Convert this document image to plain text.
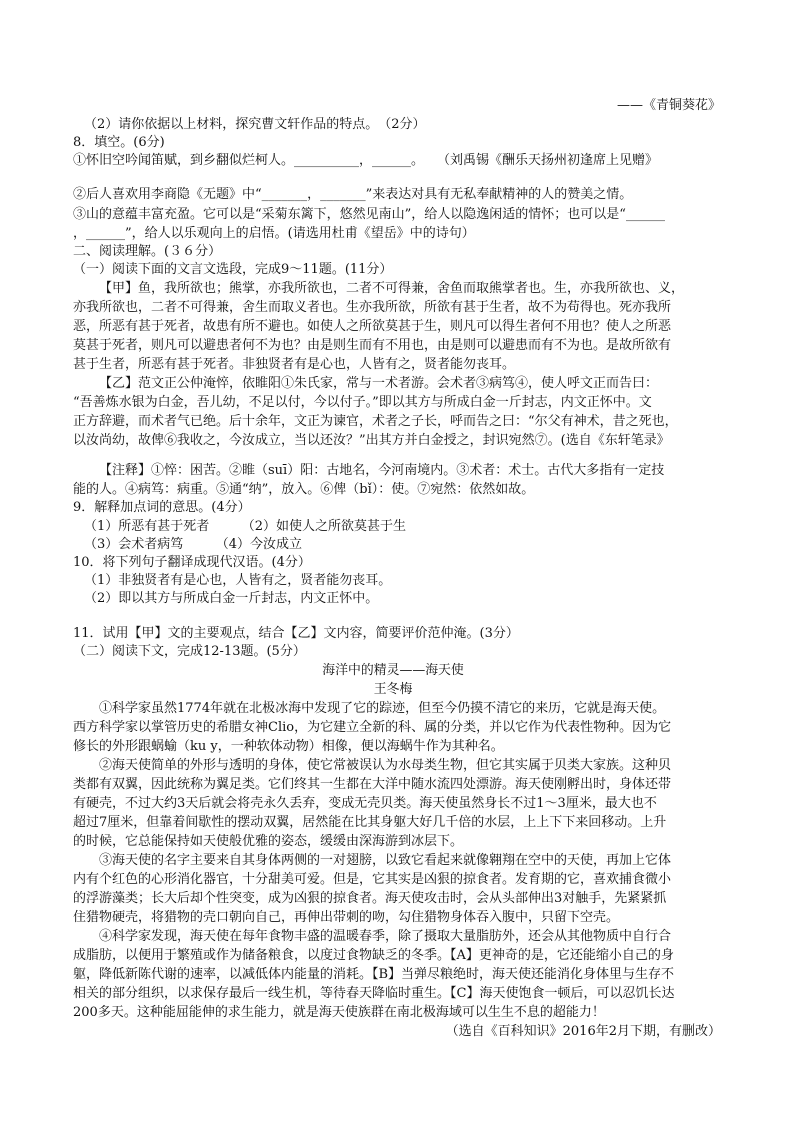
——《青铜葵花》
（2）请你依据以上材料，探究曹文轩作品的特点。　（2分）
8．填空。(6分)
①怀旧空吟闻笛赋，到乡翻似烂柯人。__________，______。　　（刘禹锡《酬乐天扬州初逢席上见赠》
②后人喜欢用李商隐《无题》中“_______，_______”来表达对具有无私奉献精神的人的赞美之情。
③山的意蕴丰富充盈。它可以是“采菊东篱下，悠然见南山”，给人以隐逸闲适的情怀；也可以是“______
，______”，给人以乐观向上的启悟。(请选用杜甫《望岳》中的诗句）
二、阅读理解。(３６分）
（一）阅读下面的文言文选段，完成9～11题。(11分）
【甲】鱼，我所欲也；熊掌，亦我所欲也，二者不可得兼，舍鱼而取熊掌者也。生，亦我所欲也、义，
亦我所欲也，二者不可得兼，舍生而取义者也。生亦我所欲，所欲有甚于生者，故不为苟得也。死亦我所
恶，所恶有甚于死者，故患有所不避也。如使人之所欲莫甚于生，则凡可以得生者何不用也？使人之所恶
莫甚于死者，则凡可以避患者何不为也？由是则生而有不用也，由是则可以避患而有不为也。是故所欲有
甚于生者，所恶有甚于死者。非独贤者有是心也，人皆有之，贤者能勿丧耳。
【乙】范文正公仲淹悴，依睢阳①朱氏家，常与一术者游。会术者③病笃④，使人呼文正而告曰：
“吾善炼水银为白金，吾儿幼，不足以付，今以付子。”即以其方与所成白金一斤封志，内文正怀中。文
正方辞避，而术者气已绝。后十余年，文正为谏官，术者之子长，呼而告之曰：“尔父有神术，昔之死也，
以汝尚幼，故俾⑥我收之，今汝成立，当以还汝？”出其方并白金授之，封识宛然⑦。(选自《东轩笔录》
【注释】①悴：困苦。②睢（suī）阳：古地名，今河南境内。③术者：术士。古代大多指有一定技
能的人。④病笃：病重。⑤通“纳”，放入。⑥俾（bǐ）：使。⑦宛然：依然如故。
9．解释加点词的意思。(4分）
（1）所恶有甚于死者　　　（2）如使人之所欲莫甚于生
（3）会术者病笃　　　（4）今汝成立
10．将下列句子翻译成现代汉语。(4分）
（1）非独贤者有是心也，人皆有之，贤者能勿丧耳。
（2）即以其方与所成白金一斤封志，内文正怀中。
11．试用【甲】文的主要观点，结合【乙】文内容，简要评价范仲淹。(3分）
（二）阅读下文，完成12-13题。(5分）
海洋中的精灵——海天使
王冬梅
①科学家虽然1774年就在北极冰海中发现了它的踪迹，但至今仍摸不清它的来历，它就是海天使。
西方科学家以掌管历史的希腊女神Clio，为它建立全新的科、属的分类，并以它作为代表性物种。因为它
修长的外形跟蜗蝓（ku y，一种软体动物）相像，便以海蜗牛作为其种名。
②海天使简单的外形与透明的身体，使它常被误认为水母类生物，但它其实属于贝类大家族。这种贝
类都有双翼，因此统称为翼足类。它们终其一生都在大洋中随水流四处漂游。海天使刚孵出时，身体还带
有硬壳，不过大约3天后就会将壳永久丢弃，变成无壳贝类。海天使虽然身长不过1～3厘米，最大也不
超过7厘米，但靠着间歇性的摆动双翼，居然能在比其身躯大好几千倍的水层，上上下下来回移动。上升
的时候，它总能保持如天使般优雅的姿态，缓缓由深海游到冰层下。
③海天使的名字主要来自其身体两侧的一对翅膀，以致它看起来就像翱翔在空中的天使，再加上它体
内有个红色的心形消化器官，十分甜美可爱。但是，它其实是凶狠的掠食者。发育期的它，喜欢捕食微小
的浮游藻类；长大后却个性突变，成为凶狠的掠食者。海天使攻击时，会从头部伸出3对触手，先紧紧抓
住猎物硬壳，将猎物的壳口朝向自己，再伸出带刺的吻，勾住猎物身体吞入腹中，只留下空壳。
④科学家发现，海天使在每年食物丰盛的温暖春季，除了摄取大量脂肪外，还会从其他物质中自行合
成脂肪，以便用于繁殖或作为储备粮食，以度过食物缺乏的冬季。【A】更神奇的是，它还能缩小自己的身
躯，降低新陈代谢的速率，以减低体内能量的消耗。【B】当弹尽粮绝时，海天使还能消化身体里与生存不
相关的部分组织，以求保存最后一线生机，等待春天降临时重生。【C】海天使饱食一顿后，可以忍饥长达
200多天。这种能屈能伸的求生能力，就是海天使族群在南北极海域可以生生不息的超能力！
（选自《百科知识》2016年2月下期，有删改）
